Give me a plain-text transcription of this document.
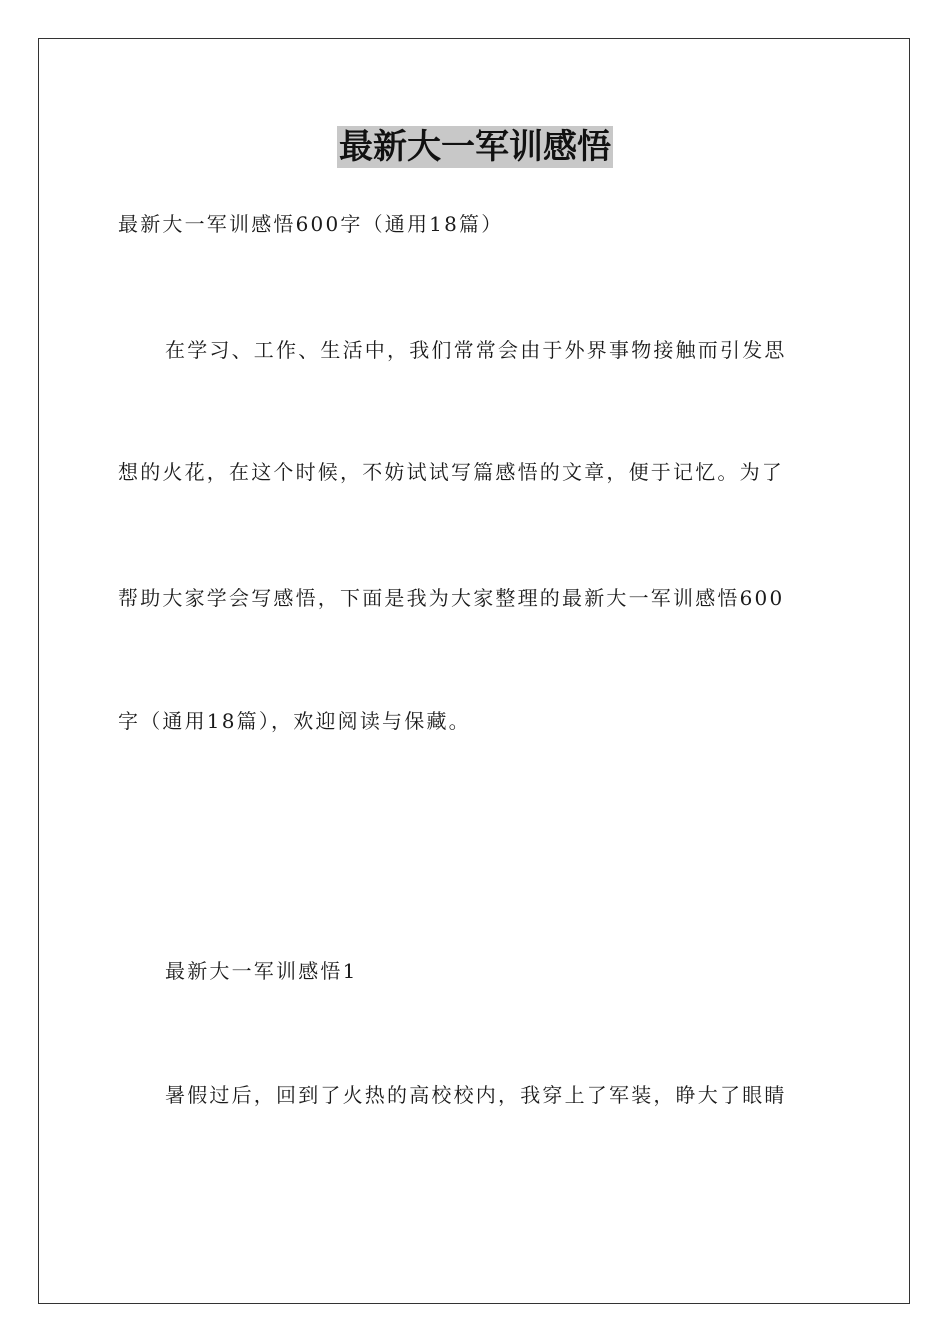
最新大一军训感悟

最新大一军训感悟600字（通用18篇）

在学习、工作、生活中，我们常常会由于外界事物接触而引发思

想的火花，在这个时候，不妨试试写篇感悟的文章，便于记忆。为了

帮助大家学会写感悟，下面是我为大家整理的最新大一军训感悟600

字（通用18篇），欢迎阅读与保藏。

最新大一军训感悟1

暑假过后，回到了火热的高校校内，我穿上了军装，睁大了眼睛
